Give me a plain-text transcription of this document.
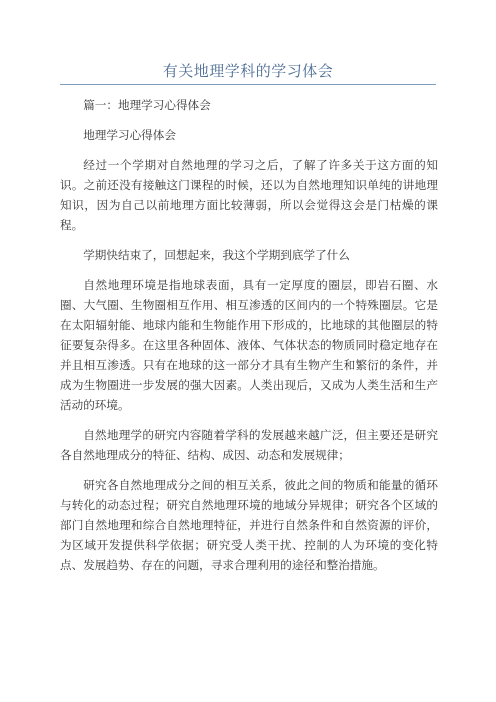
有关地理学科的学习体会

篇一：地理学习心得体会

地理学习心得体会

经过一个学期对自然地理的学习之后，了解了许多关于这方面的知识。之前还没有接触这门课程的时候，还以为自然地理知识单纯的讲地理知识，因为自己以前地理方面比较薄弱，所以会觉得这会是门枯燥的课程。

学期快结束了，回想起来，我这个学期到底学了什么

自然地理环境是指地球表面，具有一定厚度的圈层，即岩石圈、水圈、大气圈、生物圈相互作用、相互渗透的区间内的一个特殊圈层。它是在太阳辐射能、地球内能和生物能作用下形成的，比地球的其他圈层的特征要复杂得多。在这里各种固体、液体、气体状态的物质同时稳定地存在并且相互渗透。只有在地球的这一部分才具有生物产生和繁衍的条件，并成为生物圈进一步发展的强大因素。人类出现后，又成为人类生活和生产活动的环境。

自然地理学的研究内容随着学科的发展越来越广泛，但主要还是研究各自然地理成分的特征、结构、成因、动态和发展规律；

研究各自然地理成分之间的相互关系，彼此之间的物质和能量的循环与转化的动态过程；研究自然地理环境的地域分异规律；研究各个区域的部门自然地理和综合自然地理特征，并进行自然条件和自然资源的评价，为区域开发提供科学依据；研究受人类干扰、控制的人为环境的变化特点、发展趋势、存在的问题，寻求合理利用的途径和整治措施。
